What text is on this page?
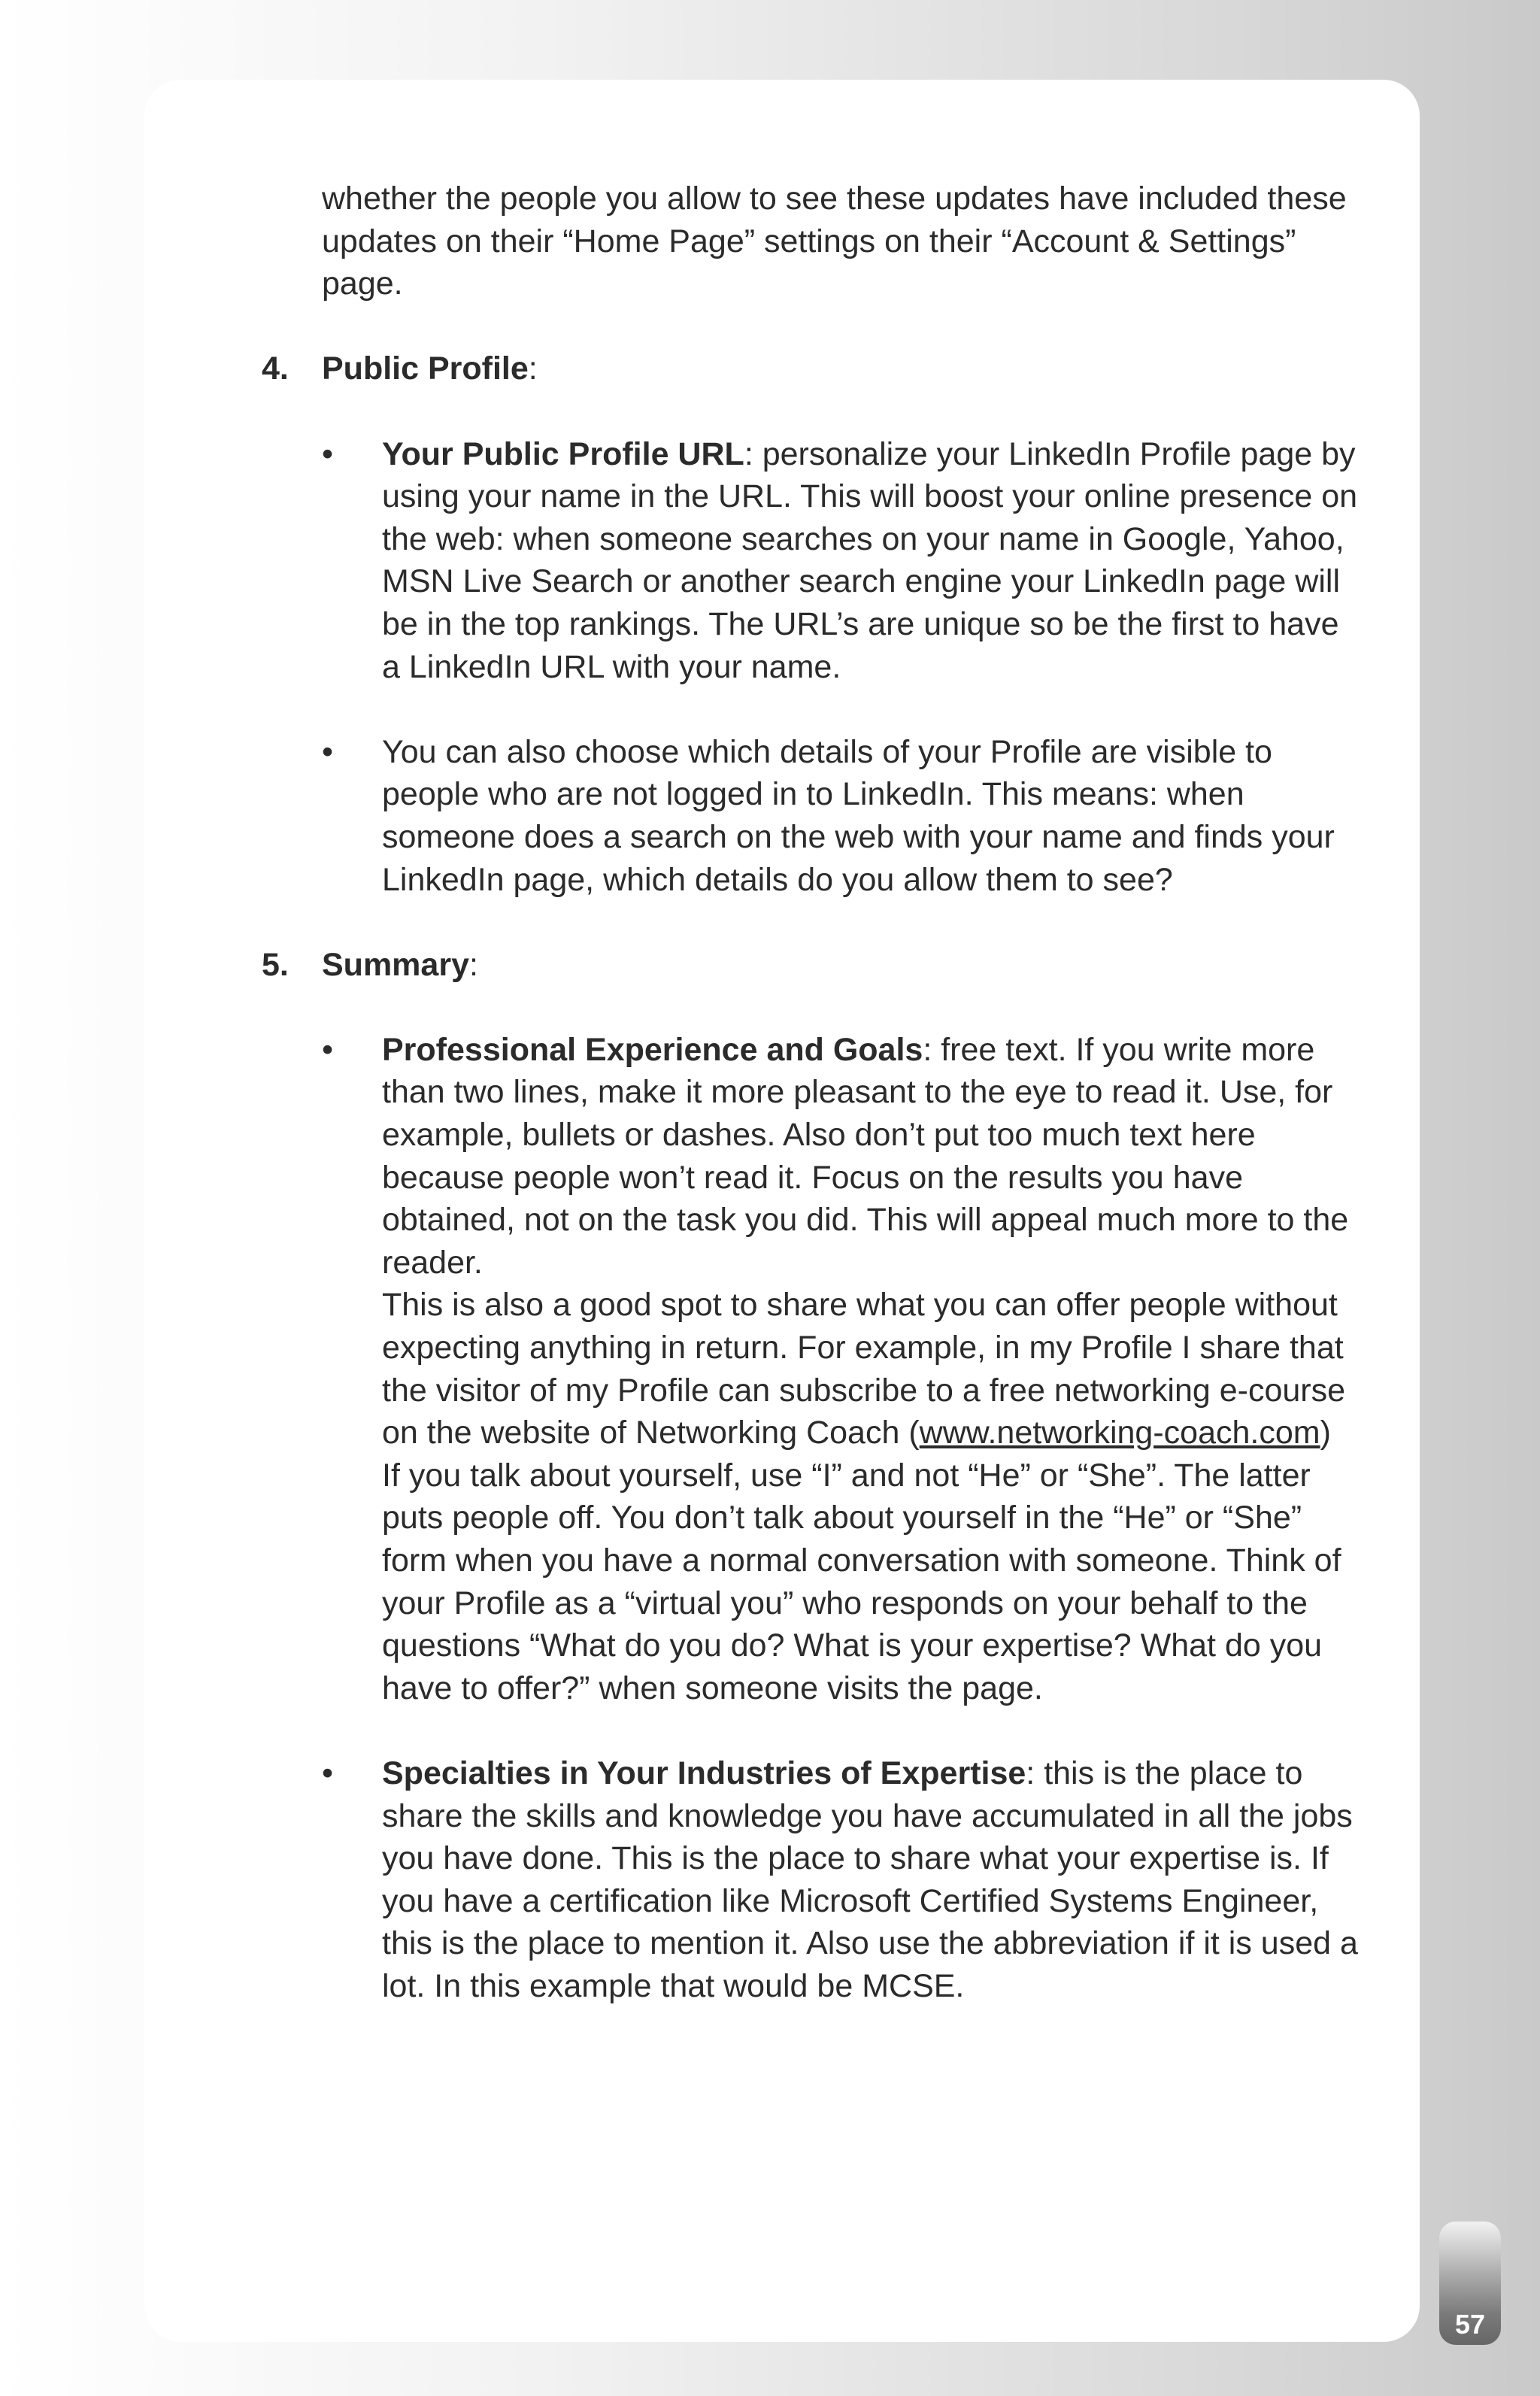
whether the people you allow to see these updates have included these updates on their “Home Page” settings on their “Account & Settings” page.

4. Public Profile:
• Your Public Profile URL: personalize your LinkedIn Profile page by using your name in the URL. This will boost your online presence on the web: when someone searches on your name in Google, Yahoo, MSN Live Search or another search engine your LinkedIn page will be in the top rankings. The URL’s are unique so be the first to have a LinkedIn URL with your name.
• You can also choose which details of your Profile are visible to people who are not logged in to LinkedIn. This means: when someone does a search on the web with your name and finds your LinkedIn page, which details do you allow them to see?
5. Summary:
• Professional Experience and Goals: free text. If you write more than two lines, make it more pleasant to the eye to read it. Use, for example, bullets or dashes. Also don’t put too much text here because people won’t read it. Focus on the results you have obtained, not on the task you did. This will appeal much more to the reader.
This is also a good spot to share what you can offer people without expecting anything in return. For example, in my Profile I share that the visitor of my Profile can subscribe to a free networking e-course on the website of Networking Coach (www.networking-coach.com)
If you talk about yourself, use “I” and not “He” or “She”. The latter puts people off. You don’t talk about yourself in the “He” or “She” form when you have a normal conversation with someone. Think of your Profile as a “virtual you” who responds on your behalf to the questions “What do you do? What is your expertise? What do you have to offer?” when someone visits the page.
• Specialties in Your Industries of Expertise: this is the place to share the skills and knowledge you have accumulated in all the jobs you have done. This is the place to share what your expertise is. If you have a certification like Microsoft Certified Systems Engineer, this is the place to mention it. Also use the abbreviation if it is used a lot. In this example that would be MCSE.
57
